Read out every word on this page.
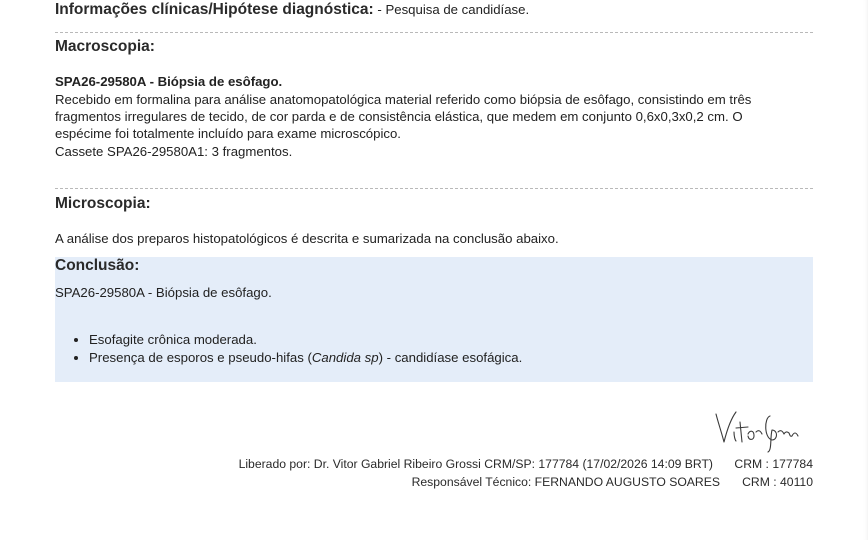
Informações clínicas/Hipótese diagnóstica: - Pesquisa de candidíase.
Macroscopia:
SPA26-29580A - Biópsia de esôfago.
Recebido em formalina para análise anatomopatológica material referido como biópsia de esôfago, consistindo em três
fragmentos irregulares de tecido, de cor parda e de consistência elástica, que medem em conjunto 0,6x0,3x0,2 cm. O
espécime foi totalmente incluído para exame microscópico.
Cassete SPA26-29580A1: 3 fragmentos.
Microscopia:
A análise dos preparos histopatológicos é descrita e sumarizada na conclusão abaixo.
Conclusão:
SPA26-29580A - Biópsia de esôfago.
• Esofagite crônica moderada.
• Presença de esporos e pseudo-hifas (Candida sp) - candidíase esofágica.
Liberado por: Dr. Vitor Gabriel Ribeiro Grossi CRM/SP: 177784 (17/02/2026 14:09 BRT) CRM : 177784
Responsável Técnico: FERNANDO AUGUSTO SOARES CRM : 40110
